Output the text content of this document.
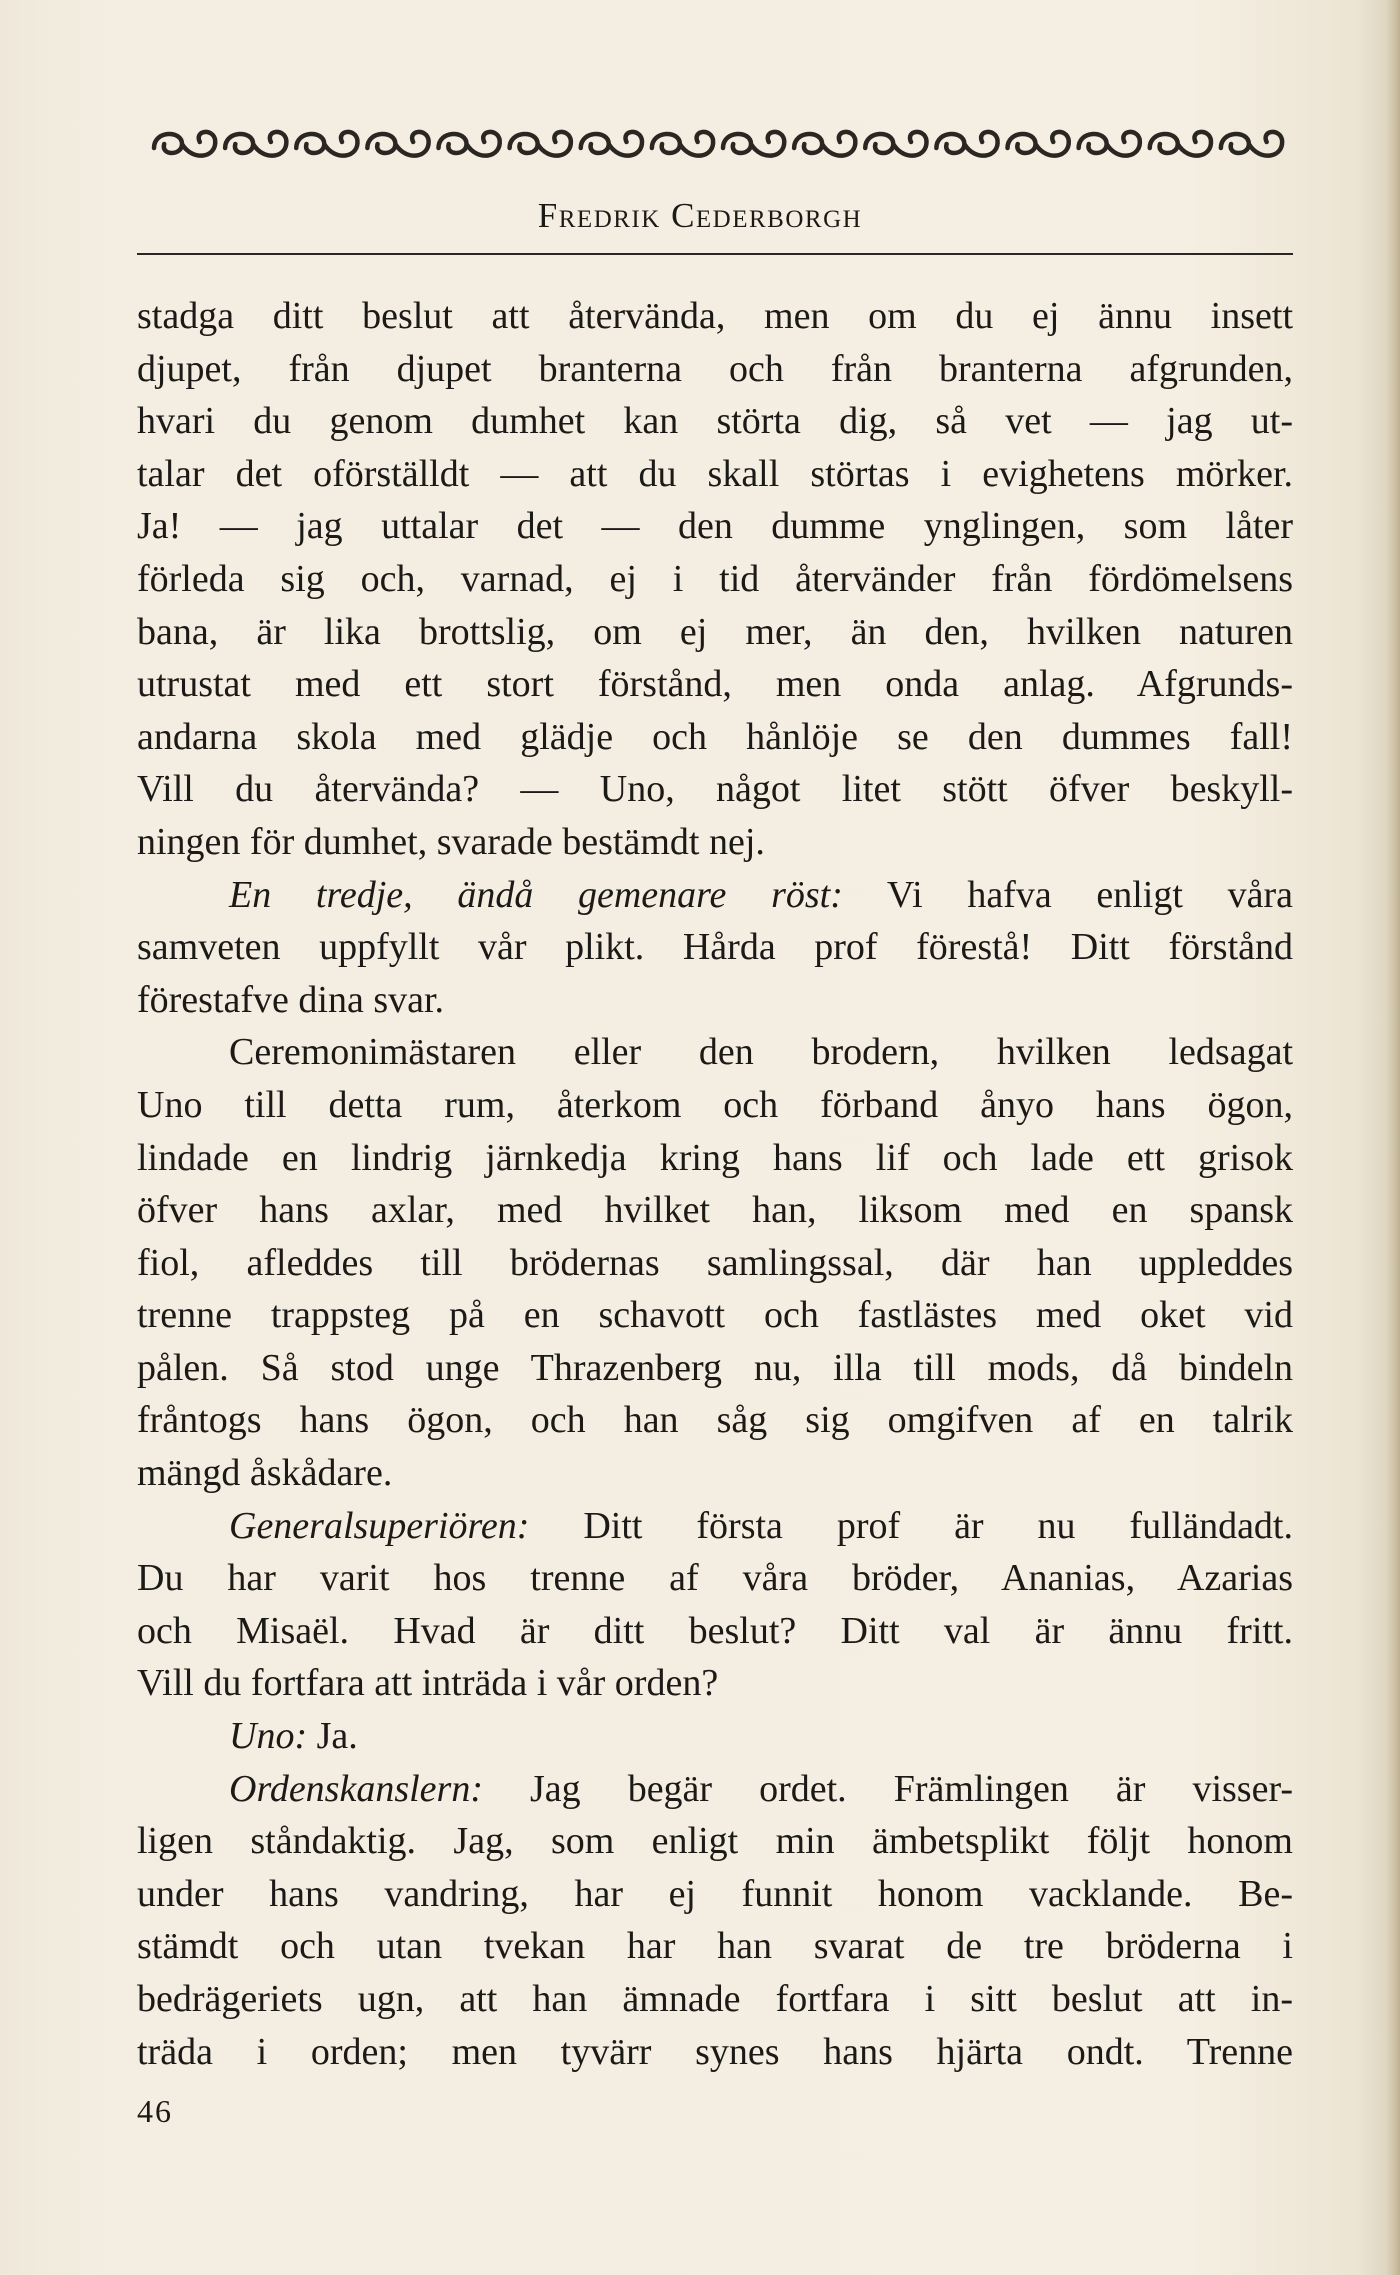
Fredrik Cederborgh
stadga ditt beslut att återvända, men om du ej ännu insett
djupet, från djupet branterna och från branterna afgrunden,
hvari du genom dumhet kan störta dig, så vet — jag ut-
talar det oförställdt — att du skall störtas i evighetens mörker.
Ja! — jag uttalar det — den dumme ynglingen, som låter
förleda sig och, varnad, ej i tid återvänder från fördömelsens
bana, är lika brottslig, om ej mer, än den, hvilken naturen
utrustat med ett stort förstånd, men onda anlag. Afgrunds-
andarna skola med glädje och hånlöje se den dummes fall!
Vill du återvända? — Uno, något litet stött öfver beskyll-
ningen för dumhet, svarade bestämdt nej.
En tredje, ändå gemenare röst: Vi hafva enligt våra
samveten uppfyllt vår plikt. Hårda prof förestå! Ditt förstånd
förestafve dina svar.
Ceremonimästaren eller den brodern, hvilken ledsagat
Uno till detta rum, återkom och förband ånyo hans ögon,
lindade en lindrig järnkedja kring hans lif och lade ett grisok
öfver hans axlar, med hvilket han, liksom med en spansk
fiol, afleddes till brödernas samlingssal, där han uppleddes
trenne trappsteg på en schavott och fastlästes med oket vid
pålen. Så stod unge Thrazenberg nu, illa till mods, då bindeln
fråntogs hans ögon, och han såg sig omgifven af en talrik
mängd åskådare.
Generalsuperiören: Ditt första prof är nu fulländadt.
Du har varit hos trenne af våra bröder, Ananias, Azarias
och Misaël. Hvad är ditt beslut? Ditt val är ännu fritt.
Vill du fortfara att inträda i vår orden?
Uno: Ja.
Ordenskanslern: Jag begär ordet. Främlingen är visser-
ligen ståndaktig. Jag, som enligt min ämbetsplikt följt honom
under hans vandring, har ej funnit honom vacklande. Be-
stämdt och utan tvekan har han svarat de tre bröderna i
bedrägeriets ugn, att han ämnade fortfara i sitt beslut att in-
träda i orden; men tyvärr synes hans hjärta ondt. Trenne
46
